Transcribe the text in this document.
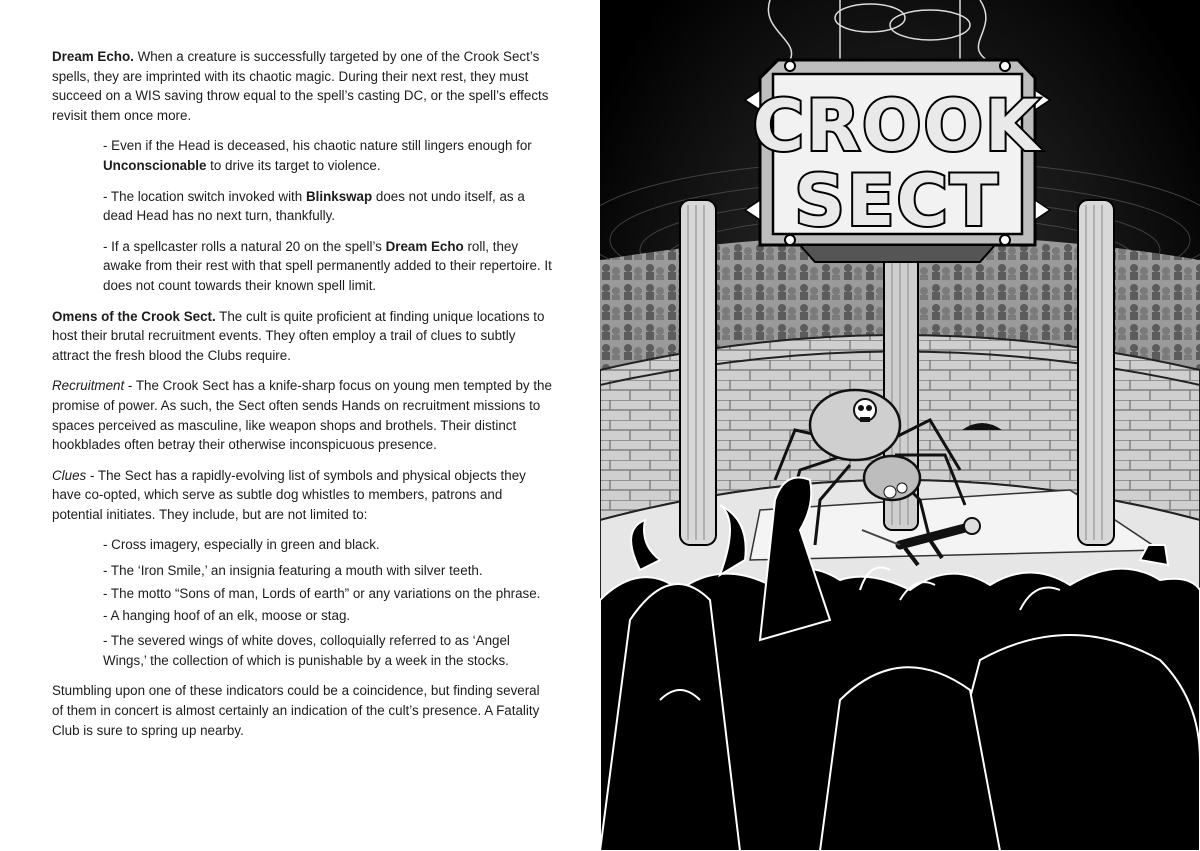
Dream Echo. When a creature is successfully targeted by one of the Crook Sect’s spells, they are imprinted with its chaotic magic. During their next rest, they must succeed on a WIS saving throw equal to the spell’s casting DC, or the spell’s effects revisit them once more.

- Even if the Head is deceased, his chaotic nature still lingers enough for Unconscionable to drive its target to violence.

- The location switch invoked with Blinkswap does not undo itself, as a dead Head has no next turn, thankfully.

- If a spellcaster rolls a natural 20 on the spell’s Dream Echo roll, they awake from their rest with that spell permanently added to their repertoire. It does not count towards their known spell limit.

Omens of the Crook Sect. The cult is quite proficient at finding unique locations to host their brutal recruitment events. They often employ a trail of clues to subtly attract the fresh blood the Clubs require.

Recruitment - The Crook Sect has a knife-sharp focus on young men tempted by the promise of power. As such, the Sect often sends Hands on recruitment missions to spaces perceived as masculine, like weapon shops and brothels. Their distinct hookblades often betray their otherwise inconspicuous presence.

Clues - The Sect has a rapidly-evolving list of symbols and physical objects they have co-opted, which serve as subtle dog whistles to members, patrons and potential initiates. They include, but are not limited to:

- Cross imagery, especially in green and black.

- The ‘Iron Smile,’ an insignia featuring a mouth with silver teeth.

- The motto “Sons of man, Lords of earth” or any variations on the phrase.

- A hanging hoof of an elk, moose or stag.

- The severed wings of white doves, colloquially referred to as ‘Angel Wings,’ the collection of which is punishable by a week in the stocks.

Stumbling upon one of these indicators could be a coincidence, but finding several of them in concert is almost certainly an indication of the cult’s presence. A Fatality Club is sure to spring up nearby.

CROOK
SECT
